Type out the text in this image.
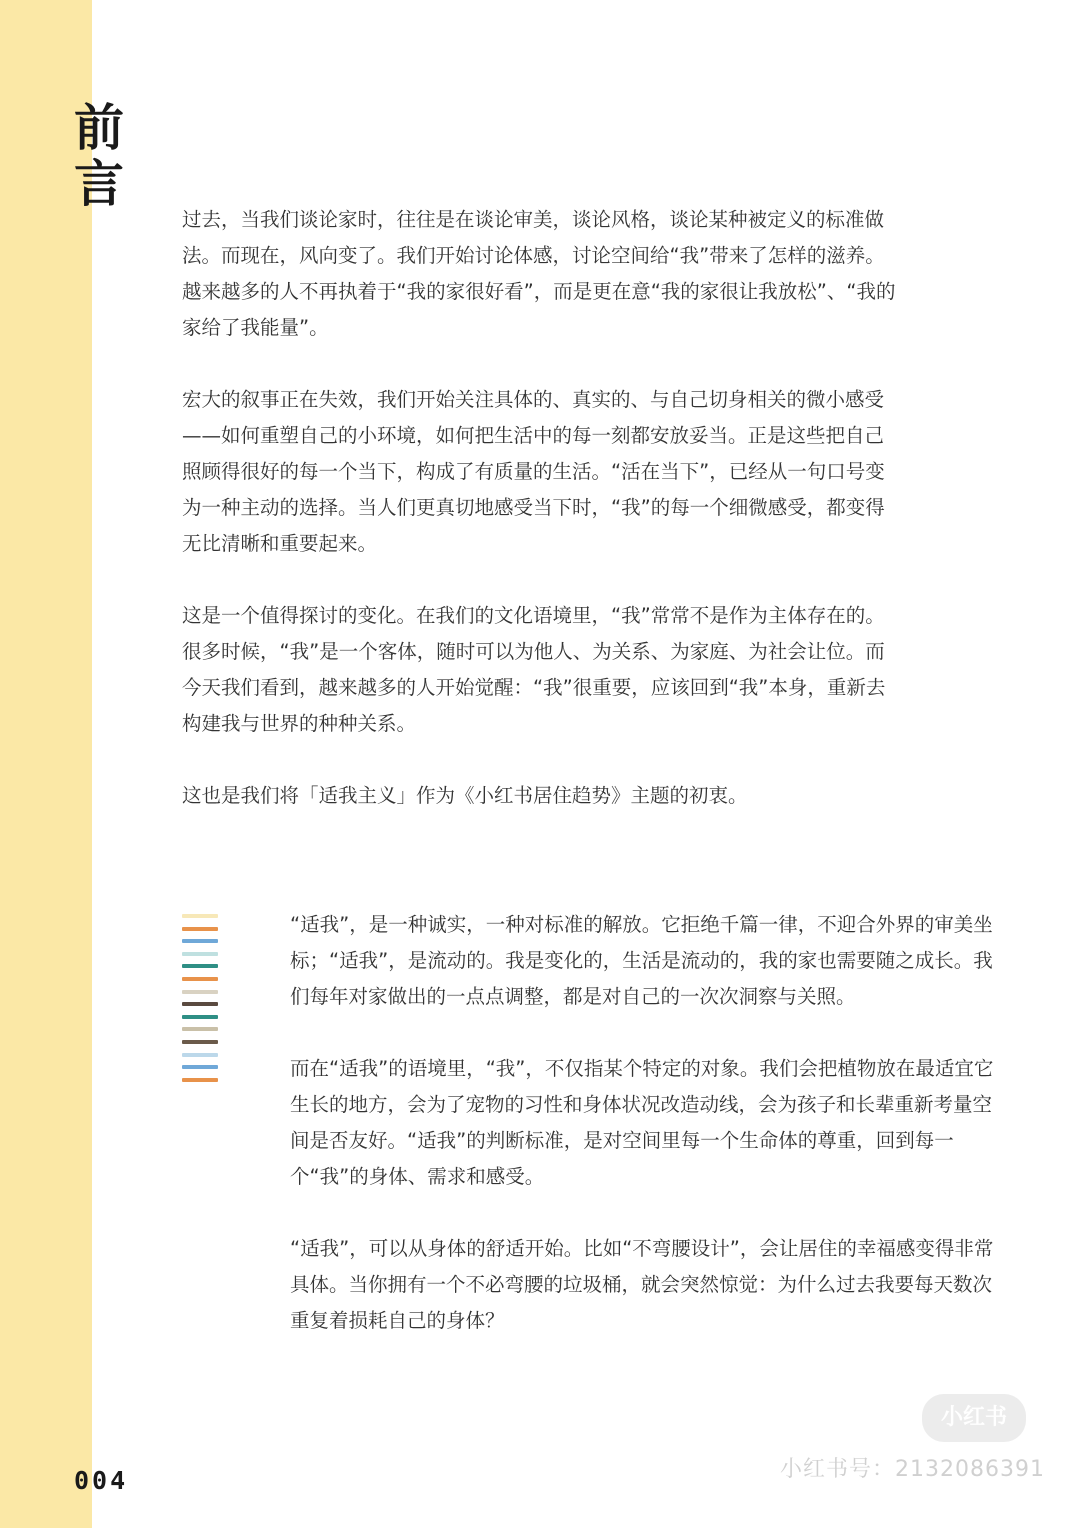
前
言

过去，当我们谈论家时，往往是在谈论审美，谈论风格，谈论某种被定义的标准做法。而现在，风向变了。我们开始讨论体感，讨论空间给“我”带来了怎样的滋养。越来越多的人不再执着于“我的家很好看”，而是更在意“我的家很让我放松”、“我的家给了我能量”。

宏大的叙事正在失效，我们开始关注具体的、真实的、与自己切身相关的微小感受——如何重塑自己的小环境，如何把生活中的每一刻都安放妥当。正是这些把自己照顾得很好的每一个当下，构成了有质量的生活。“活在当下”，已经从一句口号变为一种主动的选择。当人们更真切地感受当下时，“我”的每一个细微感受，都变得无比清晰和重要起来。

这是一个值得探讨的变化。在我们的文化语境里，“我”常常不是作为主体存在的。很多时候，“我”是一个客体，随时可以为他人、为关系、为家庭、为社会让位。而今天我们看到，越来越多的人开始觉醒：“我”很重要，应该回到“我”本身，重新去构建我与世界的种种关系。

这也是我们将「适我主义」作为《小红书居住趋势》主题的初衷。

“适我”，是一种诚实，一种对标准的解放。它拒绝千篇一律，不迎合外界的审美坐标；“适我”，是流动的。我是变化的，生活是流动的，我的家也需要随之成长。我们每年对家做出的一点点调整，都是对自己的一次次洞察与关照。

而在“适我”的语境里，“我”，不仅指某个特定的对象。我们会把植物放在最适宜它生长的地方，会为了宠物的习性和身体状况改造动线，会为孩子和长辈重新考量空间是否友好。“适我”的判断标准，是对空间里每一个生命体的尊重，回到每一个“我”的身体、需求和感受。

“适我”，可以从身体的舒适开始。比如“不弯腰设计”，会让居住的幸福感变得非常具体。当你拥有一个不必弯腰的垃圾桶，就会突然惊觉：为什么过去我要每天数次重复着损耗自己的身体？

004
小红书
小红书号：2132086391
